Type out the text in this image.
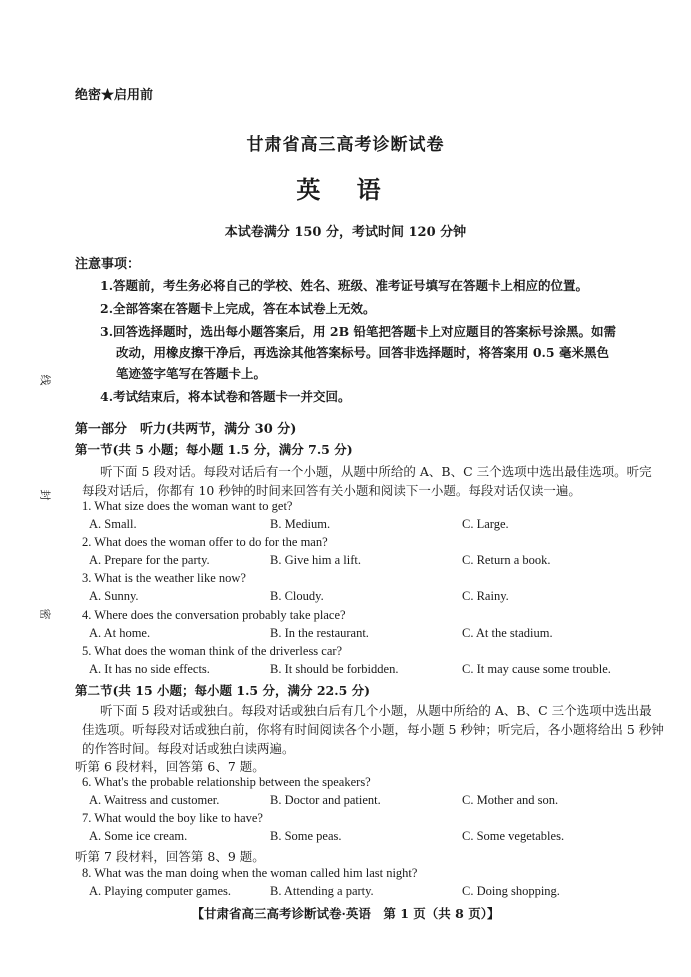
绝密★启用前
甘肃省高三高考诊断试卷
英 语
本试卷满分 150 分，考试时间 120 分钟
注意事项：
1.答题前，考生务必将自己的学校、姓名、班级、准考证号填写在答题卡上相应的位置。
2.全部答案在答题卡上完成，答在本试卷上无效。
3.回答选择题时，选出每小题答案后，用 2B 铅笔把答题卡上对应题目的答案标号涂黑。如需
改动，用橡皮擦干净后，再选涂其他答案标号。回答非选择题时，将答案用 0.5 毫米黑色
笔迹签字笔写在答题卡上。
4.考试结束后，将本试卷和答题卡一并交回。
线
封
密
第一部分　听力(共两节，满分 30 分)
第一节(共 5 小题；每小题 1.5 分，满分 7.5 分)
听下面 5 段对话。每段对话后有一个小题，从题中所给的 A、B、C 三个选项中选出最佳选项。听完
每段对话后，你都有 10 秒钟的时间来回答有关小题和阅读下一小题。每段对话仅读一遍。
1. What size does the woman want to get?
A. Small.	B. Medium.	C. Large.
2. What does the woman offer to do for the man?
A. Prepare for the party.	B. Give him a lift.	C. Return a book.
3. What is the weather like now?
A. Sunny.	B. Cloudy.	C. Rainy.
4. Where does the conversation probably take place?
A. At home.	B. In the restaurant.	C. At the stadium.
5. What does the woman think of the driverless car?
A. It has no side effects.	B. It should be forbidden.	C. It may cause some trouble.
第二节(共 15 小题；每小题 1.5 分，满分 22.5 分)
听下面 5 段对话或独白。每段对话或独白后有几个小题，从题中所给的 A、B、C 三个选项中选出最
佳选项。听每段对话或独白前，你将有时间阅读各个小题，每小题 5 秒钟；听完后，各小题将给出 5 秒钟
的作答时间。每段对话或独白读两遍。
听第 6 段材料，回答第 6、7 题。
6. What's the probable relationship between the speakers?
A. Waitress and customer.	B. Doctor and patient.	C. Mother and son.
7. What would the boy like to have?
A. Some ice cream.	B. Some peas.	C. Some vegetables.
听第 7 段材料，回答第 8、9 题。
8. What was the man doing when the woman called him last night?
A. Playing computer games.	B. Attending a party.	C. Doing shopping.
【甘肃省高三高考诊断试卷·英语　第 1 页（共 8 页）】
